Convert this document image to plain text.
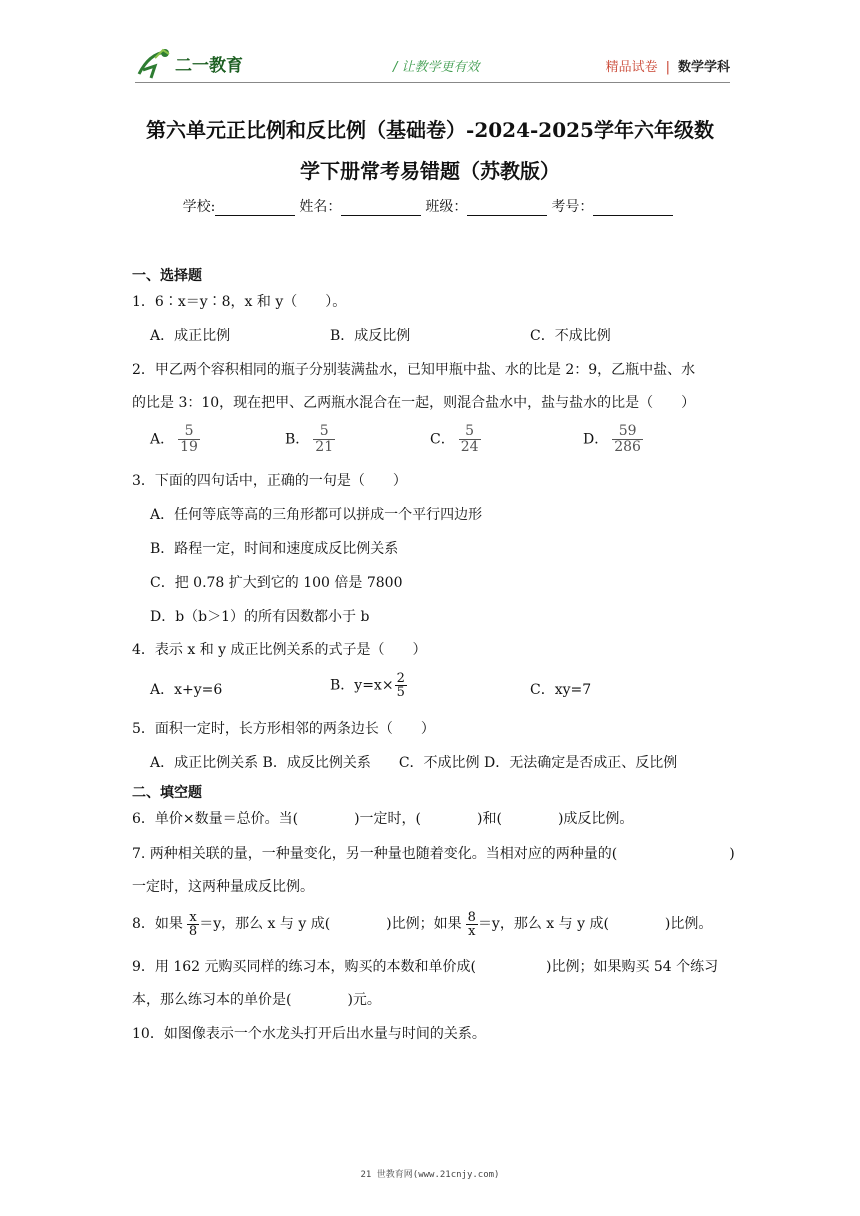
二一教育	/ 让教学更有效	精品试卷 | 数学学科
第六单元正比例和反比例（基础卷）-2024-2025学年六年级数
学下册常考易错题（苏教版）
学校:	姓名：	班级：	考号：
一、选择题
1．6∶x＝y∶8，x 和 y（　　）。
A．成正比例	B．成反比例	C．不成比例
2．甲乙两个容积相同的瓶子分别装满盐水，已知甲瓶中盐、水的比是 2：9，乙瓶中盐、水
的比是 3：10，现在把甲、乙两瓶水混合在一起，则混合盐水中，盐与盐水的比是（　　）
A． $\frac{5}{19}$	B． $\frac{5}{21}$	C． $\frac{5}{24}$	D． $\frac{59}{286}$
3．下面的四句话中，正确的一句是（　　）
A．任何等底等高的三角形都可以拼成一个平行四边形
B．路程一定，时间和速度成反比例关系
C．把 0.78 扩大到它的 100 倍是 7800
D．b（b＞1）的所有因数都小于 b
4．表示 x 和 y 成正比例关系的式子是（　　）
A．x+y=6	B．$y=x\times \frac{2}{5}$	C．xy=7
5．面积一定时，长方形相邻的两条边长（　　）
A．成正比例关系 B．成反比例关系　　C．不成比例 D．无法确定是否成正、反比例
二、填空题
6．单价×数量＝总价。当(　　　　)一定时，(　　　　)和(　　　　)成反比例。
7. 两种相关联的量，一种量变化，另一种量也随着变化。当相对应的两种量的(　　　　　　　　)
一定时，这两种量成反比例。
8．如果 $\frac{x}{8} =y$，那么 x 与 y 成(　　　　)比例；如果 $\frac{8}{x} =y$，那么 x 与 y 成(　　　　)比例。
9．用 162 元购买同样的练习本，购买的本数和单价成(　　　　　)比例；如果购买 54 个练习
本，那么练习本的单价是(　　　　)元。
10．如图像表示一个水龙头打开后出水量与时间的关系。
21 世教育网(www.21cnjy.com)
